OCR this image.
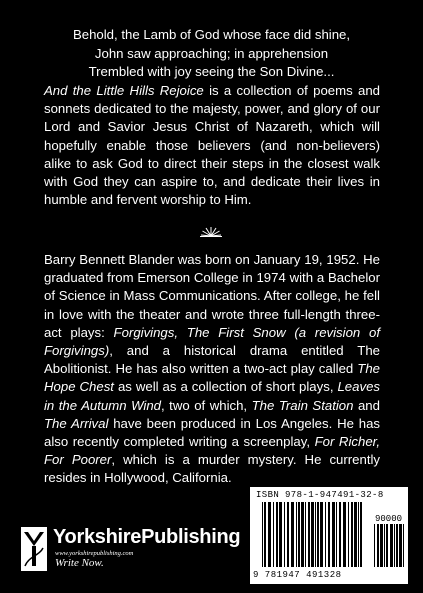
Behold, the Lamb of God whose face did shine,
John saw approaching; in apprehension
Trembled with joy seeing the Son Divine...

And the Little Hills Rejoice is a collection of poems and sonnets dedicated to the majesty, power, and glory of our Lord and Savior Jesus Christ of Nazareth, which will hopefully enable those believers (and non-believers) alike to ask God to direct their steps in the closest walk with God they can aspire to, and dedicate their lives in humble and fervent worship to Him.

Barry Bennett Blander was born on January 19, 1952. He graduated from Emerson College in 1974 with a Bachelor of Science in Mass Communications. After college, he fell in love with the theater and wrote three full-length three-act plays: Forgivings, The First Snow (a revision of Forgivings), and a historical drama entitled The Abolitionist. He has also written a two-act play called The Hope Chest as well as a collection of short plays, Leaves in the Autumn Wind, two of which, The Train Station and The Arrival have been produced in Los Angeles. He has also recently completed writing a screenplay, For Richer, For Poorer, which is a murder mystery. He currently resides in Hollywood, California.

YorkshirePublishing
www.yorkshirepublishing.com
Write Now.
ISBN 978-1-947491-32-8
90000
9 781947 491328
